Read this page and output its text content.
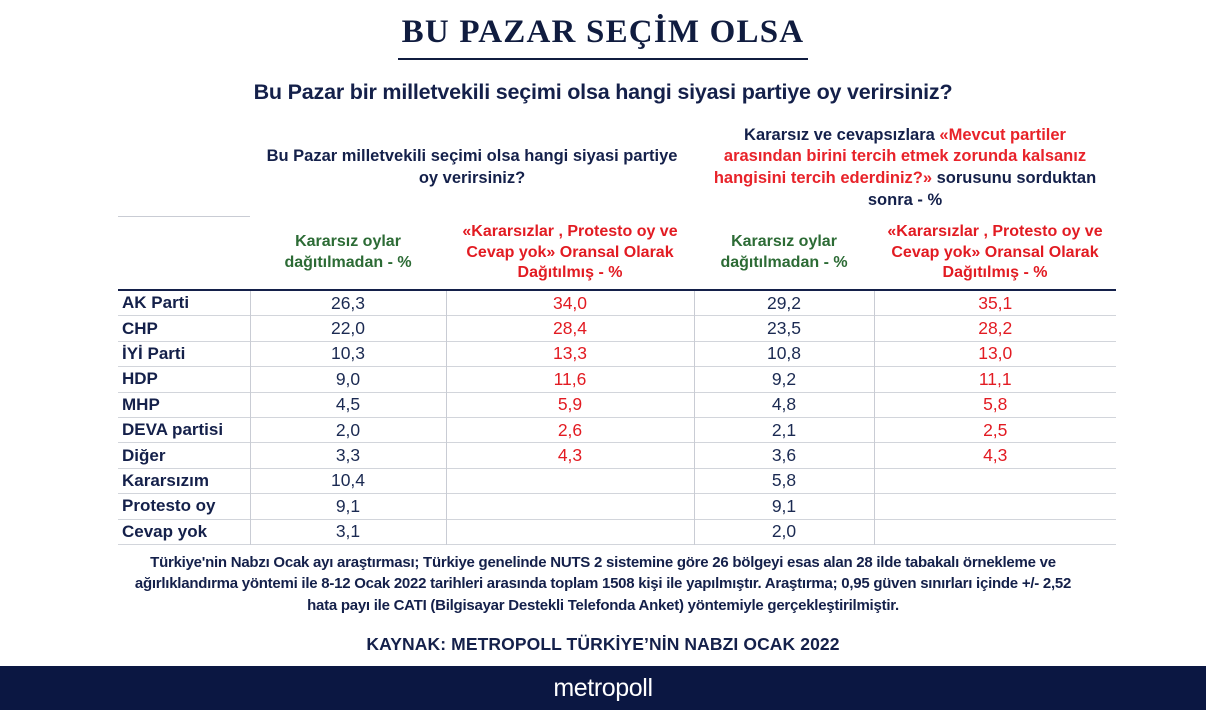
BU PAZAR SEÇİM OLSA
Bu Pazar bir milletvekili seçimi olsa hangi siyasi partiye oy verirsiniz?
	Bu Pazar milletvekili seçimi olsa hangi siyasi partiye oy verirsiniz?		Kararsız ve cevapsızlara «Mevcut partiler arasından birini tercih etmek zorunda kalsanız hangisini tercih ederdiniz?» sorusunu sorduktan sonra - %	
	Kararsız oylar dağıtılmadan - %	«Kararsızlar , Protesto oy ve Cevap yok» Oransal Olarak Dağıtılmış - %	Kararsız oylar dağıtılmadan - %	«Kararsızlar , Protesto oy ve Cevap yok» Oransal Olarak Dağıtılmış - %
AK Parti	26,3	34,0	29,2	35,1
CHP	22,0	28,4	23,5	28,2
İYİ Parti	10,3	13,3	10,8	13,0
HDP	9,0	11,6	9,2	11,1
MHP	4,5	5,9	4,8	5,8
DEVA partisi	2,0	2,6	2,1	2,5
Diğer	3,3	4,3	3,6	4,3
Kararsızım	10,4		5,8	
Protesto oy	9,1		9,1	
Cevap yok	3,1		2,0	

Türkiye'nin Nabzı Ocak ayı araştırması; Türkiye genelinde NUTS 2 sistemine göre 26 bölgeyi esas alan 28 ilde tabakalı örnekleme ve ağırlıklandırma yöntemi ile 8-12 Ocak 2022 tarihleri arasında toplam 1508 kişi ile yapılmıştır. Araştırma; 0,95 güven sınırları içinde +/- 2,52 hata payı ile CATI (Bilgisayar Destekli Telefonda Anket) yöntemiyle gerçekleştirilmiştir.
KAYNAK: METROPOLL TÜRKİYE’NİN NABZI OCAK 2022
metropoll
